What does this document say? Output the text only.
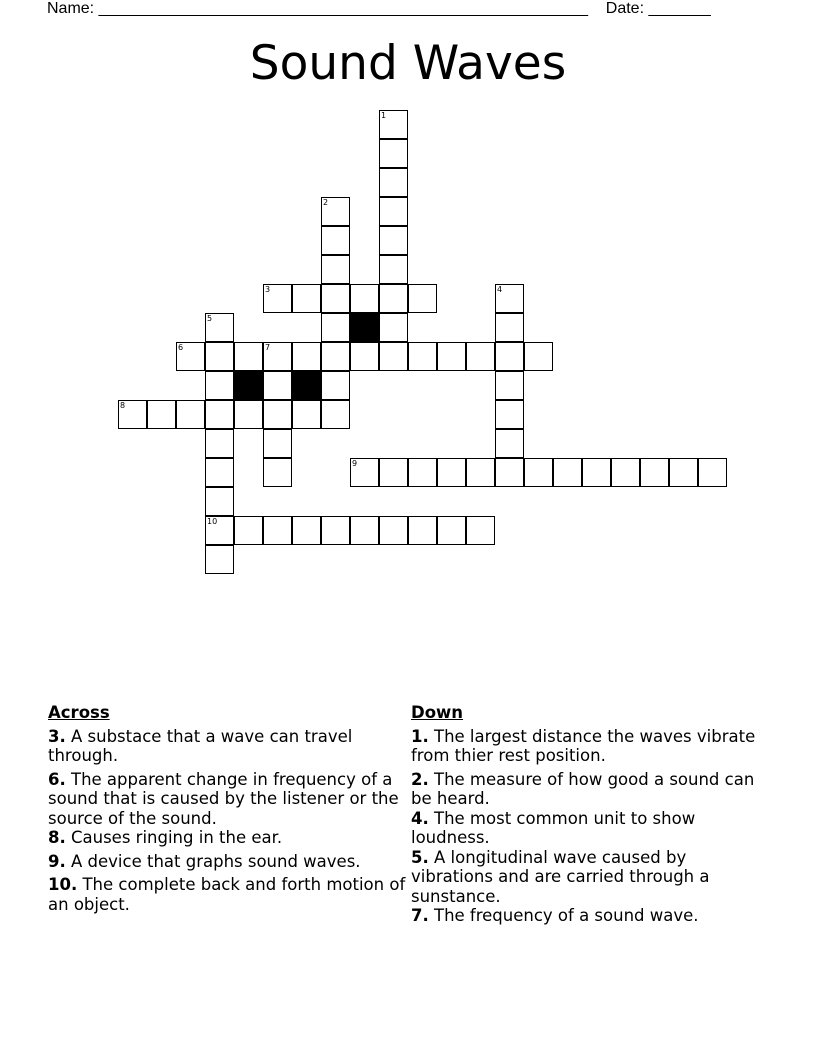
Name: _______________________________________________________    Date: _______
Sound Waves
1
2
3	4
5
6	7
8
9
10
Across
3. A substace that a wave can travel through.
6. The apparent change in frequency of a sound that is caused by the listener or the source of the sound.
8. Causes ringing in the ear.
9. A device that graphs sound waves.
10. The complete back and forth motion of an object.
Down
1. The largest distance the waves vibrate from thier rest position.
2. The measure of how good a sound can be heard.
4. The most common unit to show loudness.
5. A longitudinal wave caused by vibrations and are carried through a sunstance.
7. The frequency of a sound wave.
